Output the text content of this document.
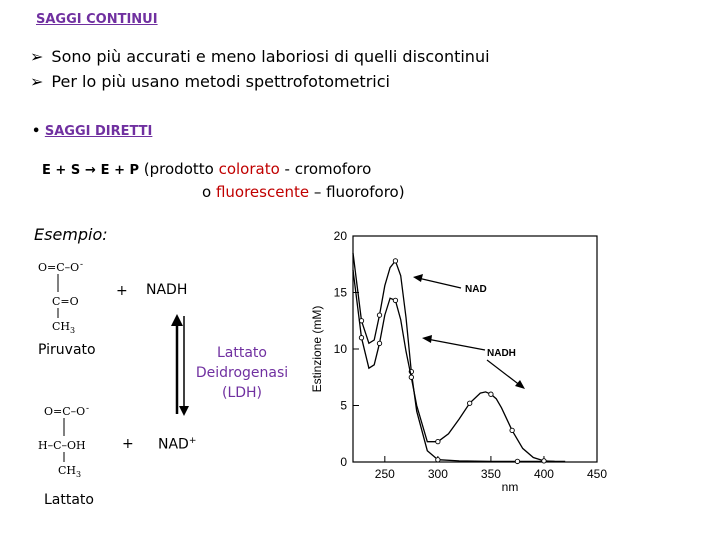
SAGGI CONTINUI
➢ Sono più accurati e meno laboriosi di quelli discontinui
➢ Per lo più usano metodi spettrofotometrici
• SAGGI DIRETTI
E + S → E + P (prodotto colorato - cromoforo
o fluorescente – fluoroforo)
Esempio:
O=C–O -
C=O
$CH_3$
O=C–O -
H–C–OH
$CH_3$
+ NADH
Piruvato	Lattato
Deidrogenasi
(LDH)
+ NAD+
Lattato
0
5
10
15
20
250	300	350	400	450
NAD
NADH
Estinzione (mM)
nm
